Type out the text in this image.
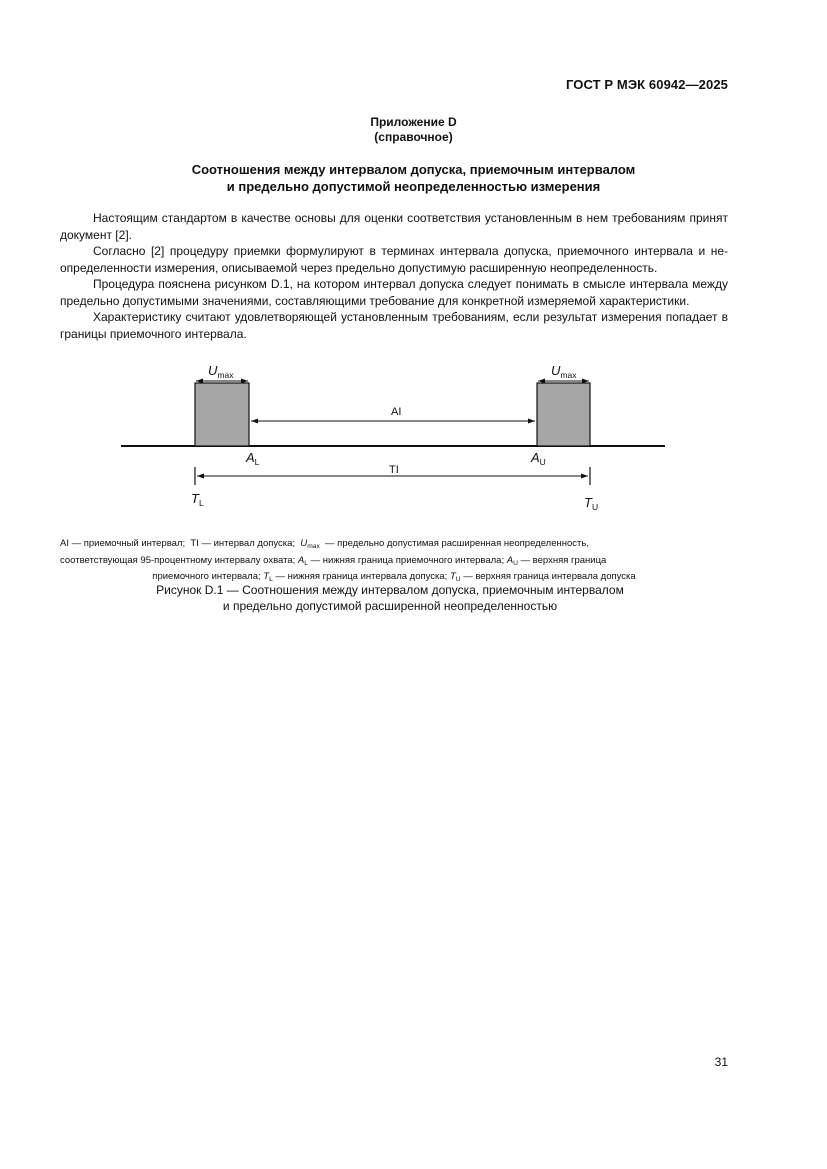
ГОСТ Р МЭК 60942—2025
Приложение D
(справочное)
Соотношения между интервалом допуска, приемочным интервалом
и предельно допустимой неопределенностью измерения

Настоящим стандартом в качестве основы для оценки соответствия установленным в нем требованиям принят документ [2].

Согласно [2] процедуру приемки формулируют в терминах интервала допуска, приемочного интервала и неопределенности измерения, описываемой через предельно допустимую расширенную неопределенность.

Процедура пояснена рисунком D.1, на котором интервал допуска следует понимать в смысле интервала между предельно допустимыми значениями, составляющими требование для конкретной измеряемой характеристики.

Характеристику считают удовлетворяющей установленным требованиям, если результат измерения попадает в границы приемочного интервала.

$U_{max}$	$U_{max}$
AI
TI
$A_L$	$A_U$
$T_L$	$T_U$
AI — приемочный интервал; TI — интервал допуска; $U_{max}$ — предельно допустимая расширенная неопределенность,
соответствующая 95-процентному интервалу охвата; $A_L$ — нижняя граница приемочного интервала; $A_U$ — верхняя граница
приемочного интервала; $T_L$ — нижняя граница интервала допуска; $T_U$ — верхняя граница интервала допуска
Рисунок D.1 — Соотношения между интервалом допуска, приемочным интервалом
и предельно допустимой расширенной неопределенностью
31
